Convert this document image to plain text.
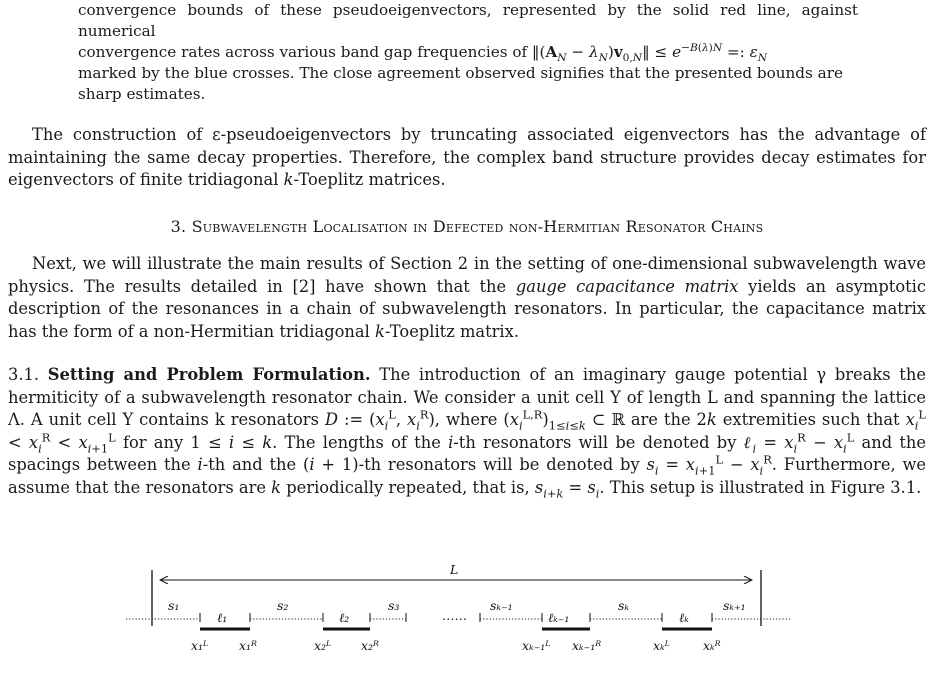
convergence bounds of these pseudoeigenvectors, represented by the solid red line, against numerical
convergence rates across various band gap frequencies of $‖(A_N$ − $\lambda_N)v_{0,N}‖ \le e^{-B(\lambda)N}$ =: $\varepsilon_N$
marked by the blue crosses. The close agreement observed signifies that the presented bounds are
sharp estimates.
The construction of ε-pseudoeigenvectors by truncating associated eigenvectors has the advantage of maintaining the same decay properties. Therefore, the complex band structure provides decay estimates for eigenvectors of finite tridiagonal k-Toeplitz matrices.
3. Subwavelength Localisation in Defected non-Hermitian Resonator Chains
Next, we will illustrate the main results of Section 2 in the setting of one-dimensional subwavelength wave physics. The results detailed in [2] have shown that the gauge capacitance matrix yields an asymptotic description of the resonances in a chain of subwavelength resonators. In particular, the capacitance matrix has the form of a non-Hermitian tridiagonal k-Toeplitz matrix.
3.1. Setting and Problem Formulation. The introduction of an imaginary gauge potential γ breaks the hermiticity of a subwavelength resonator chain. We consider a unit cell Y of length L and spanning the lattice Λ. A unit cell Y contains k resonators D := ($x_i^L$, $x_i^R$), where $(x_i^{L,R})_{1\le i\le k}$ ⊂ ℝ are the 2k extremities such that $x_i^L < x_i^R < x_{i+1}^L$ for any 1 ≤ i ≤ k. The lengths of the i-th resonators will be denoted by ℓ$_i$ = $x_i^R - x_i^L$ and the spacings between the i-th and the (i + 1)-th resonators will be denoted by $s_i = x_{i+1}^L - x_i^R$. Furthermore, we assume that the resonators are k periodically repeated, that is, $s_{i+k} = s_i$. This setup is illustrated in Figure 3.1.
L
……
s₁	s₂	s₃	sₖ₋₁	sₖ	sₖ₊₁
ℓ₁	ℓ₂	ℓₖ₋₁	ℓₖ
x₁ᴸ x₁ᴿ	x₂ᴸ x₂ᴿ	xₖ₋₁ᴸ xₖ₋₁ᴿ	xₖᴸ	xₖᴿ
